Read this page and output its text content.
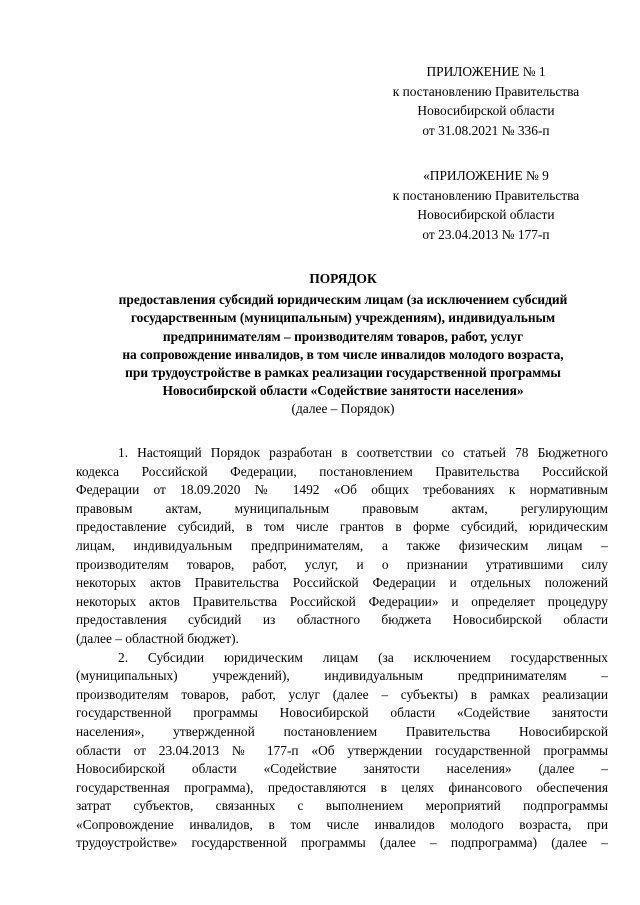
ПРИЛОЖЕНИЕ № 1
к постановлению Правительства
Новосибирской области
от 31.08.2021 № 336-п
«ПРИЛОЖЕНИЕ № 9
к постановлению Правительства
Новосибирской области
от 23.04.2013 № 177-п
ПОРЯДОК
предоставления субсидий юридическим лицам (за исключением субсидий
государственным (муниципальным) учреждениям), индивидуальным
предпринимателям – производителям товаров, работ, услуг
на сопровождение инвалидов, в том числе инвалидов молодого возраста,
при трудоустройстве в рамках реализации государственной программы
Новосибирской области «Содействие занятости населения»
(далее – Порядок)
1. Настоящий Порядок разработан в соответствии со статьей 78 Бюджетного
кодекса Российской Федерации, постановлением Правительства Российской
Федерации от 18.09.2020 № 1492 «Об общих требованиях к нормативным
правовым актам, муниципальным правовым актам, регулирующим
предоставление субсидий, в том числе грантов в форме субсидий, юридическим
лицам, индивидуальным предпринимателям, а также физическим лицам –
производителям товаров, работ, услуг, и о признании утратившими силу
некоторых актов Правительства Российской Федерации и отдельных положений
некоторых актов Правительства Российской Федерации» и определяет процедуру
предоставления субсидий из областного бюджета Новосибирской области
(далее – областной бюджет).
2. Субсидии юридическим лицам (за исключением государственных
(муниципальных) учреждений), индивидуальным предпринимателям –
производителям товаров, работ, услуг (далее – субъекты) в рамках реализации
государственной программы Новосибирской области «Содействие занятости
населения», утвержденной постановлением Правительства Новосибирской
области от 23.04.2013 № 177-п «Об утверждении государственной программы
Новосибирской области «Содействие занятости населения» (далее –
государственная программа), предоставляются в целях финансового обеспечения
затрат субъектов, связанных с выполнением мероприятий подпрограммы
«Сопровождение инвалидов, в том числе инвалидов молодого возраста, при
трудоустройстве» государственной программы (далее – подпрограмма) (далее –
